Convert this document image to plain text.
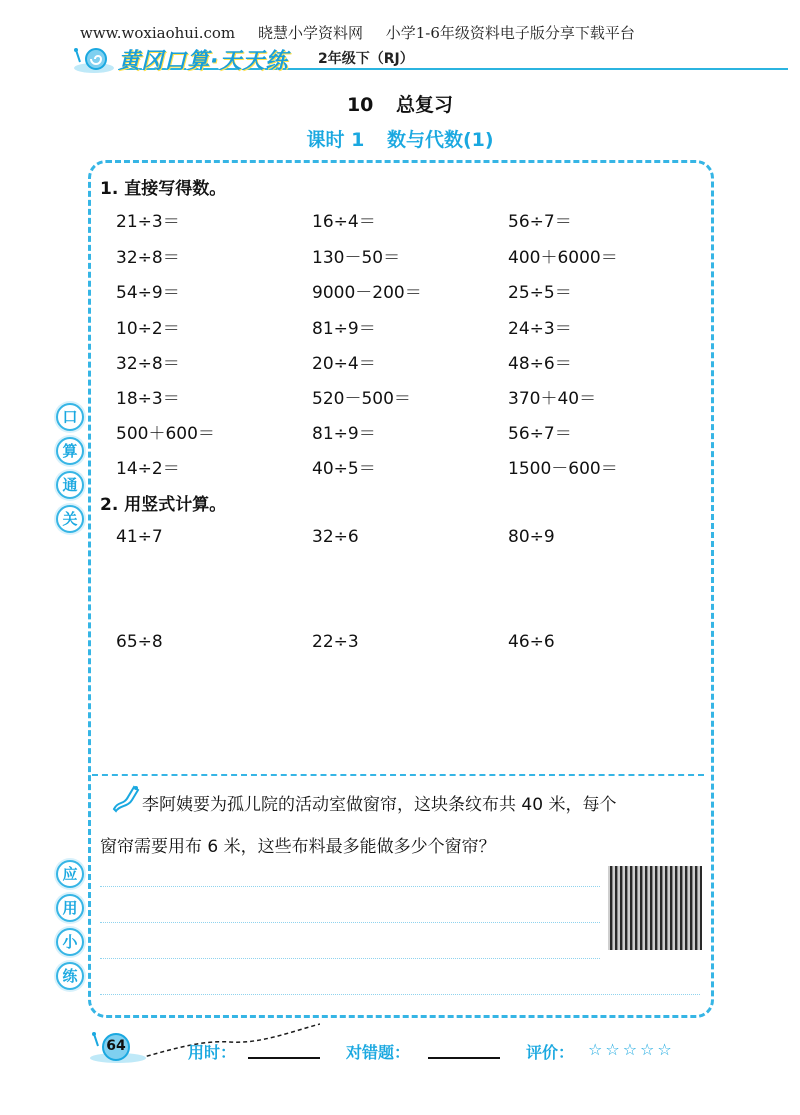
www.woxiaohui.com 晓慧小学资料网 小学1-6年级资料电子版分享下载平台
黄冈口算·天天练 2年级下（RJ）
10 总复习
课时 1 数与代数(1)
口
算
通
关
应
用
小
练
1. 直接写得数。
21÷3＝	16÷4＝	56÷7＝
32÷8＝	130－50＝	400＋6000＝
54÷9＝	9000－200＝	25÷5＝
10÷2＝	81÷9＝	24÷3＝
32÷8＝	20÷4＝	48÷6＝
18÷3＝	520－500＝	370＋40＝
500＋600＝	81÷9＝	56÷7＝
14÷2＝	40÷5＝	1500－600＝
2. 用竖式计算。
41÷7	32÷6	80÷9
65÷8	22÷3	46÷6
李阿姨要为孤儿院的活动室做窗帘，这块条纹布共 40 米，每个
窗帘需要用布 6 米，这些布料最多能做多少个窗帘？
64	用时：	对错题：	评价： ☆☆☆☆☆
